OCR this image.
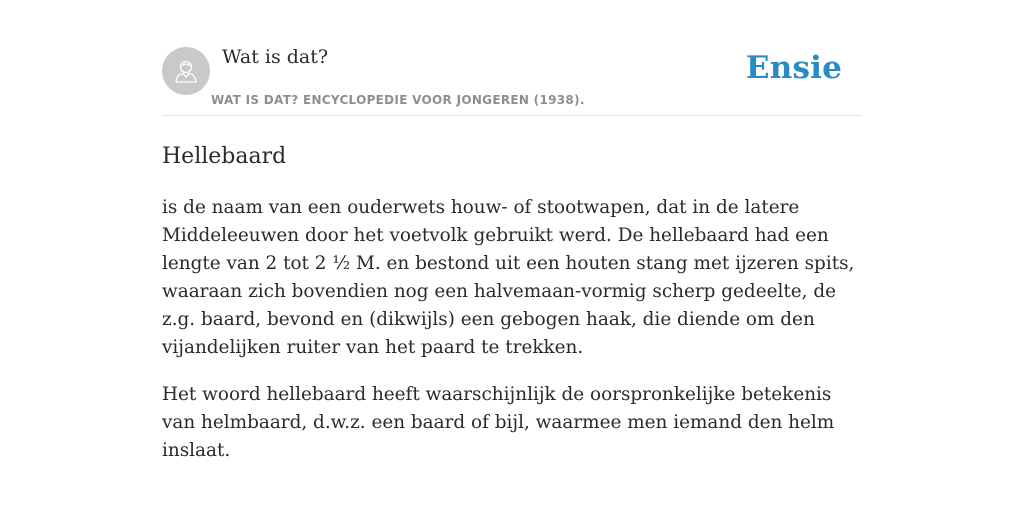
Wat is dat?
WAT IS DAT? ENCYCLOPEDIE VOOR JONGEREN (1938).
Ensie
Hellebaard

is de naam van een ouderwets houw- of stootwapen, dat in de latere Middeleeuwen door het voetvolk gebruikt werd. De hellebaard had een lengte van 2 tot 2 ½ M. en bestond uit een houten stang met ijzeren spits, waaraan zich bovendien nog een halvemaan-vormig scherp gedeelte, de z.g. baard, bevond en (dikwijls) een gebogen haak, die diende om den vijandelijken ruiter van het paard te trekken.

Het woord hellebaard heeft waarschijnlijk de oorspronkelijke betekenis van helmbaard, d.w.z. een baard of bijl, waarmee men iemand den helm inslaat.
